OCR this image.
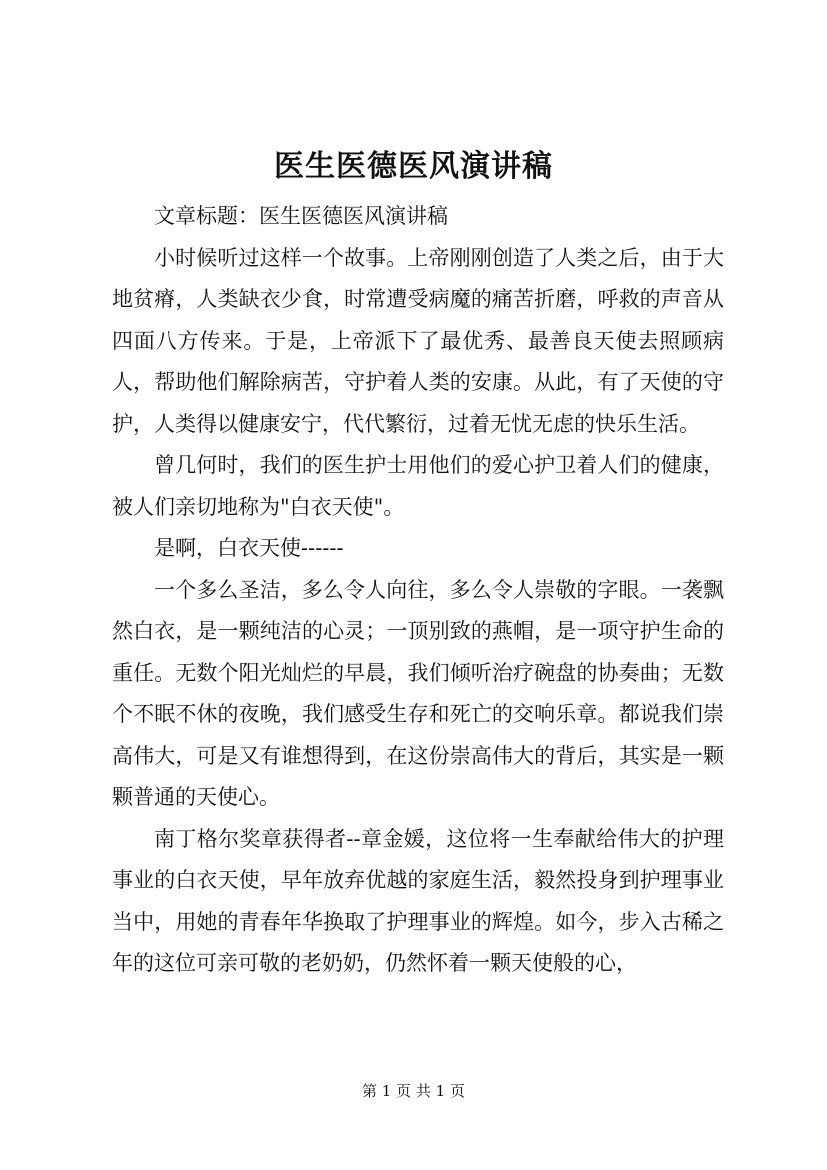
医生医德医风演讲稿

文章标题：医生医德医风演讲稿

小时候听过这样一个故事。上帝刚刚创造了人类之后，由于大地贫瘠，人类缺衣少食，时常遭受病魔的痛苦折磨，呼救的声音从四面八方传来。于是，上帝派下了最优秀、最善良天使去照顾病人，帮助他们解除病苦，守护着人类的安康。从此，有了天使的守护，人类得以健康安宁，代代繁衍，过着无忧无虑的快乐生活。

曾几何时，我们的医生护士用他们的爱心护卫着人们的健康，被人们亲切地称为"白衣天使"。

是啊，白衣天使------

一个多么圣洁，多么令人向往，多么令人崇敬的字眼。一袭飘然白衣，是一颗纯洁的心灵；一顶别致的燕帽，是一项守护生命的重任。无数个阳光灿烂的早晨，我们倾听治疗碗盘的协奏曲；无数个不眠不休的夜晚，我们感受生存和死亡的交响乐章。都说我们崇高伟大，可是又有谁想得到，在这份崇高伟大的背后，其实是一颗颗普通的天使心。

南丁格尔奖章获得者--章金媛，这位将一生奉献给伟大的护理事业的白衣天使，早年放弃优越的家庭生活，毅然投身到护理事业当中，用她的青春年华换取了护理事业的辉煌。如今，步入古稀之年的这位可亲可敬的老奶奶，仍然怀着一颗天使般的心，

第 1 页 共 1 页
